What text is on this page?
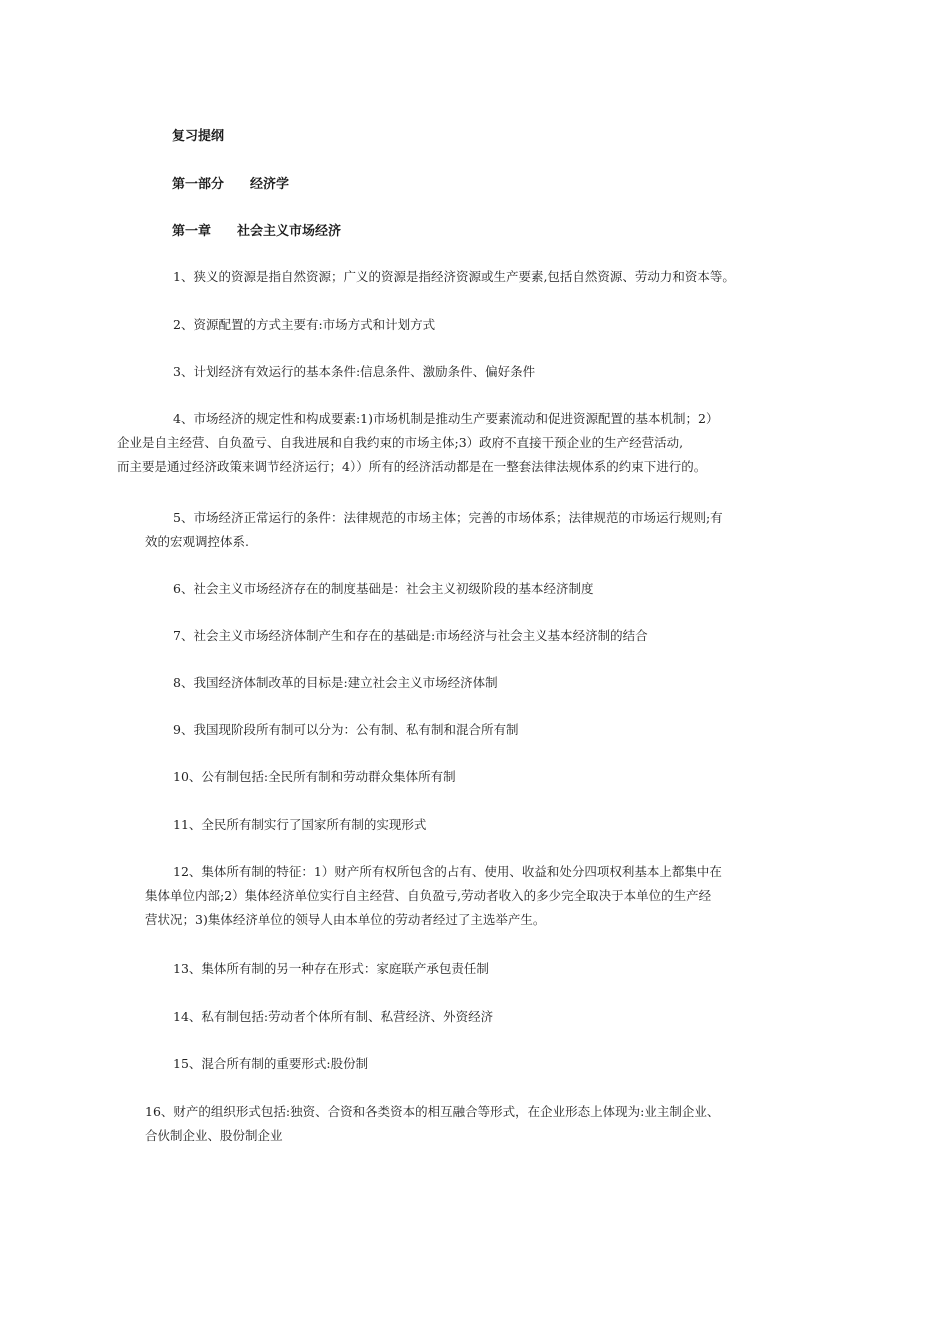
复习提纲
第一部分　　经济学
第一章　　社会主义市场经济
1、狭义的资源是指自然资源；广义的资源是指经济资源或生产要素,包括自然资源、劳动力和资本等。
2、资源配置的方式主要有:市场方式和计划方式
3、计划经济有效运行的基本条件:信息条件、激励条件、偏好条件
4、市场经济的规定性和构成要素:1)市场机制是推动生产要素流动和促进资源配置的基本机制；2）
企业是自主经营、自负盈亏、自我进展和自我约束的市场主体;3）政府不直接干预企业的生产经营活动,
而主要是通过经济政策来调节经济运行；4））所有的经济活动都是在一整套法律法规体系的约束下进行的。
5、市场经济正常运行的条件：法律规范的市场主体；完善的市场体系；法律规范的市场运行规则;有
效的宏观调控体系.
6、社会主义市场经济存在的制度基础是：社会主义初级阶段的基本经济制度
7、社会主义市场经济体制产生和存在的基础是:市场经济与社会主义基本经济制的结合
8、我国经济体制改革的目标是:建立社会主义市场经济体制
9、我国现阶段所有制可以分为：公有制、私有制和混合所有制
10、公有制包括:全民所有制和劳动群众集体所有制
11、全民所有制实行了国家所有制的实现形式
12、集体所有制的特征：1）财产所有权所包含的占有、使用、收益和处分四项权利基本上都集中在
集体单位内部;2）集体经济单位实行自主经营、自负盈亏,劳动者收入的多少完全取决于本单位的生产经
营状况；3)集体经济单位的领导人由本单位的劳动者经过了主选举产生。
13、集体所有制的另一种存在形式：家庭联产承包责任制
14、私有制包括:劳动者个体所有制、私营经济、外资经济
15、混合所有制的重要形式:股份制
16、财产的组织形式包括:独资、合资和各类资本的相互融合等形式，在企业形态上体现为:业主制企业、
合伙制企业、股份制企业
